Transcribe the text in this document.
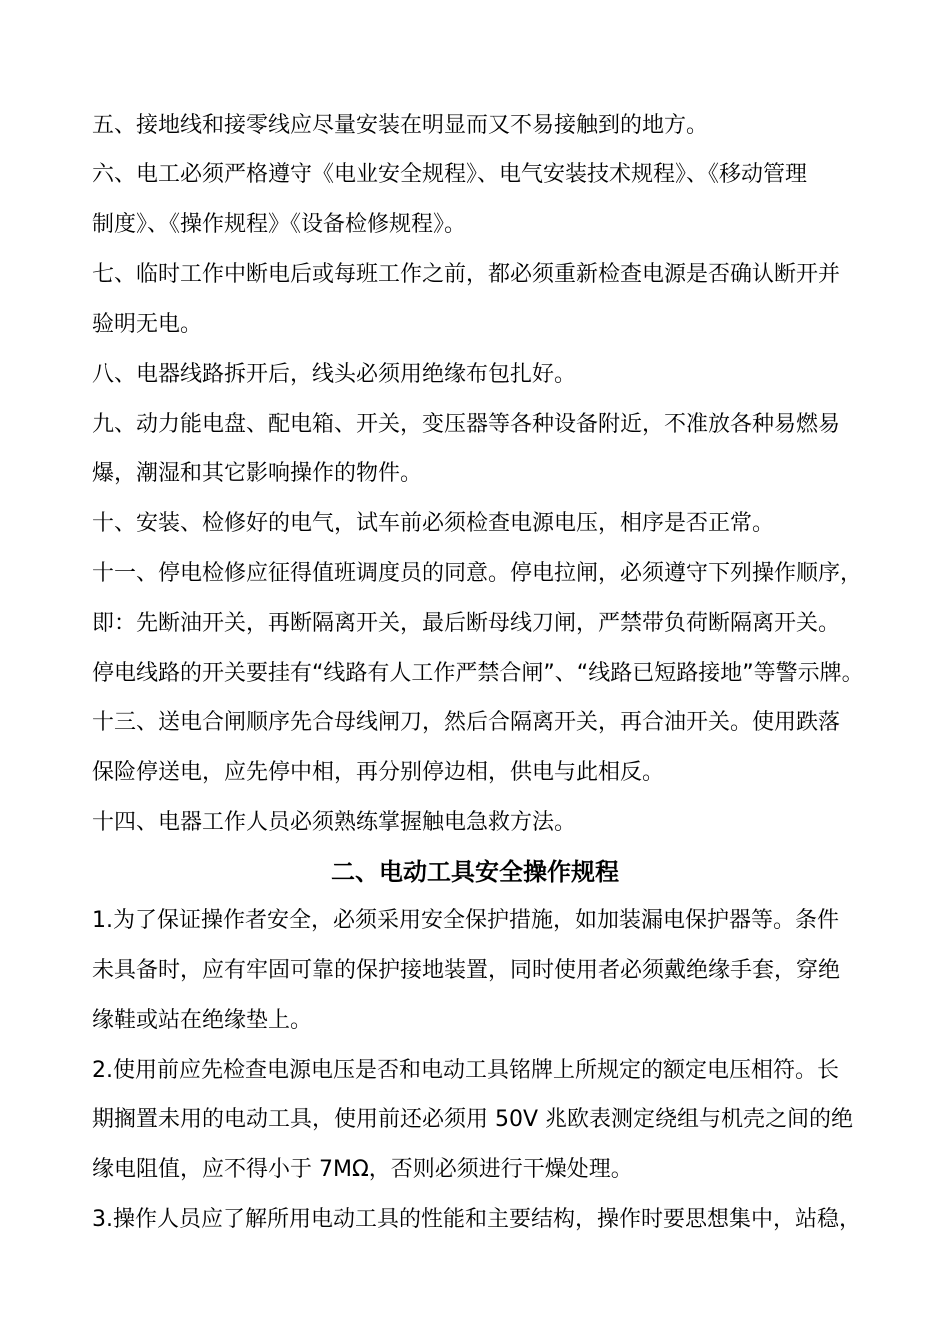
五、接地线和接零线应尽量安装在明显而又不易接触到的地方。
六、电工必须严格遵守《电业安全规程》、电气安装技术规程》、《移动管理
制度》、《操作规程》《设备检修规程》。
七、临时工作中断电后或每班工作之前，都必须重新检查电源是否确认断开并
验明无电。
八、电器线路拆开后，线头必须用绝缘布包扎好。
九、动力能电盘、配电箱、开关，变压器等各种设备附近，不准放各种易燃易
爆，潮湿和其它影响操作的物件。
十、安装、检修好的电气，试车前必须检查电源电压，相序是否正常。
十一、停电检修应征得值班调度员的同意。停电拉闸，必须遵守下列操作顺序，
即：先断油开关，再断隔离开关，最后断母线刀闸，严禁带负荷断隔离开关。
停电线路的开关要挂有“线路有人工作严禁合闸”、“线路已短路接地”等警示牌。
十三、送电合闸顺序先合母线闸刀，然后合隔离开关，再合油开关。使用跌落
保险停送电，应先停中相，再分别停边相，供电与此相反。
十四、电器工作人员必须熟练掌握触电急救方法。
二、电动工具安全操作规程
1.为了保证操作者安全，必须采用安全保护措施，如加装漏电保护器等。条件
未具备时，应有牢固可靠的保护接地装置，同时使用者必须戴绝缘手套，穿绝
缘鞋或站在绝缘垫上。
2.使用前应先检查电源电压是否和电动工具铭牌上所规定的额定电压相符。长
期搁置未用的电动工具，使用前还必须用 50V 兆欧表测定绕组与机壳之间的绝
缘电阻值，应不得小于 7MΩ，否则必须进行干燥处理。
3.操作人员应了解所用电动工具的性能和主要结构，操作时要思想集中，站稳，
